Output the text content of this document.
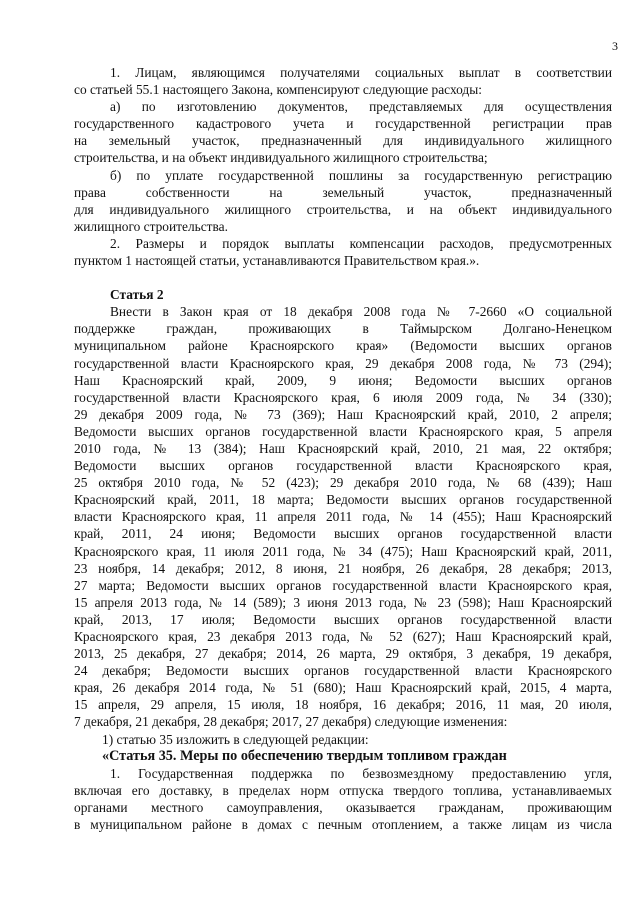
3
1. Лицам, являющимся получателями социальных выплат в соответствии
со статьей 55.1 настоящего Закона, компенсируют следующие расходы:
а) по изготовлению документов, представляемых для осуществления
государственного кадастрового учета и государственной регистрации прав
на земельный участок, предназначенный для индивидуального жилищного
строительства, и на объект индивидуального жилищного строительства;
б) по уплате государственной пошлины за государственную регистрацию
права собственности на земельный участок, предназначенный
для индивидуального жилищного строительства, и на объект индивидуального
жилищного строительства.
2. Размеры и порядок выплаты компенсации расходов, предусмотренных
пунктом 1 настоящей статьи, устанавливаются Правительством края.».
Статья 2
Внести в Закон края от 18 декабря 2008 года № 7-2660 «О социальной
поддержке граждан, проживающих в Таймырском Долгано-Ненецком
муниципальном районе Красноярского края» (Ведомости высших органов
государственной власти Красноярского края, 29 декабря 2008 года, № 73 (294);
Наш Красноярский край, 2009, 9 июня; Ведомости высших органов
государственной власти Красноярского края, 6 июля 2009 года, № 34 (330);
29 декабря 2009 года, № 73 (369); Наш Красноярский край, 2010, 2 апреля;
Ведомости высших органов государственной власти Красноярского края, 5 апреля
2010 года, № 13 (384); Наш Красноярский край, 2010, 21 мая, 22 октября;
Ведомости высших органов государственной власти Красноярского края,
25 октября 2010 года, № 52 (423); 29 декабря 2010 года, № 68 (439); Наш
Красноярский край, 2011, 18 марта; Ведомости высших органов государственной
власти Красноярского края, 11 апреля 2011 года, № 14 (455); Наш Красноярский
край, 2011, 24 июня; Ведомости высших органов государственной власти
Красноярского края, 11 июля 2011 года, № 34 (475); Наш Красноярский край, 2011,
23 ноября, 14 декабря; 2012, 8 июня, 21 ноября, 26 декабря, 28 декабря; 2013,
27 марта; Ведомости высших органов государственной власти Красноярского края,
15 апреля 2013 года, № 14 (589); 3 июня 2013 года, № 23 (598); Наш Красноярский
край, 2013, 17 июля; Ведомости высших органов государственной власти
Красноярского края, 23 декабря 2013 года, № 52 (627); Наш Красноярский край,
2013, 25 декабря, 27 декабря; 2014, 26 марта, 29 октября, 3 декабря, 19 декабря,
24 декабря; Ведомости высших органов государственной власти Красноярского
края, 26 декабря 2014 года, № 51 (680); Наш Красноярский край, 2015, 4 марта,
15 апреля, 29 апреля, 15 июля, 18 ноября, 16 декабря; 2016, 11 мая, 20 июля,
7 декабря, 21 декабря, 28 декабря; 2017, 27 декабря) следующие изменения:
1) статью 35 изложить в следующей редакции:
«Статья 35. Меры по обеспечению твердым топливом граждан
1. Государственная поддержка по безвозмездному предоставлению угля,
включая его доставку, в пределах норм отпуска твердого топлива, устанавливаемых
органами местного самоуправления, оказывается гражданам, проживающим
в муниципальном районе в домах с печным отоплением, а также лицам из числа
